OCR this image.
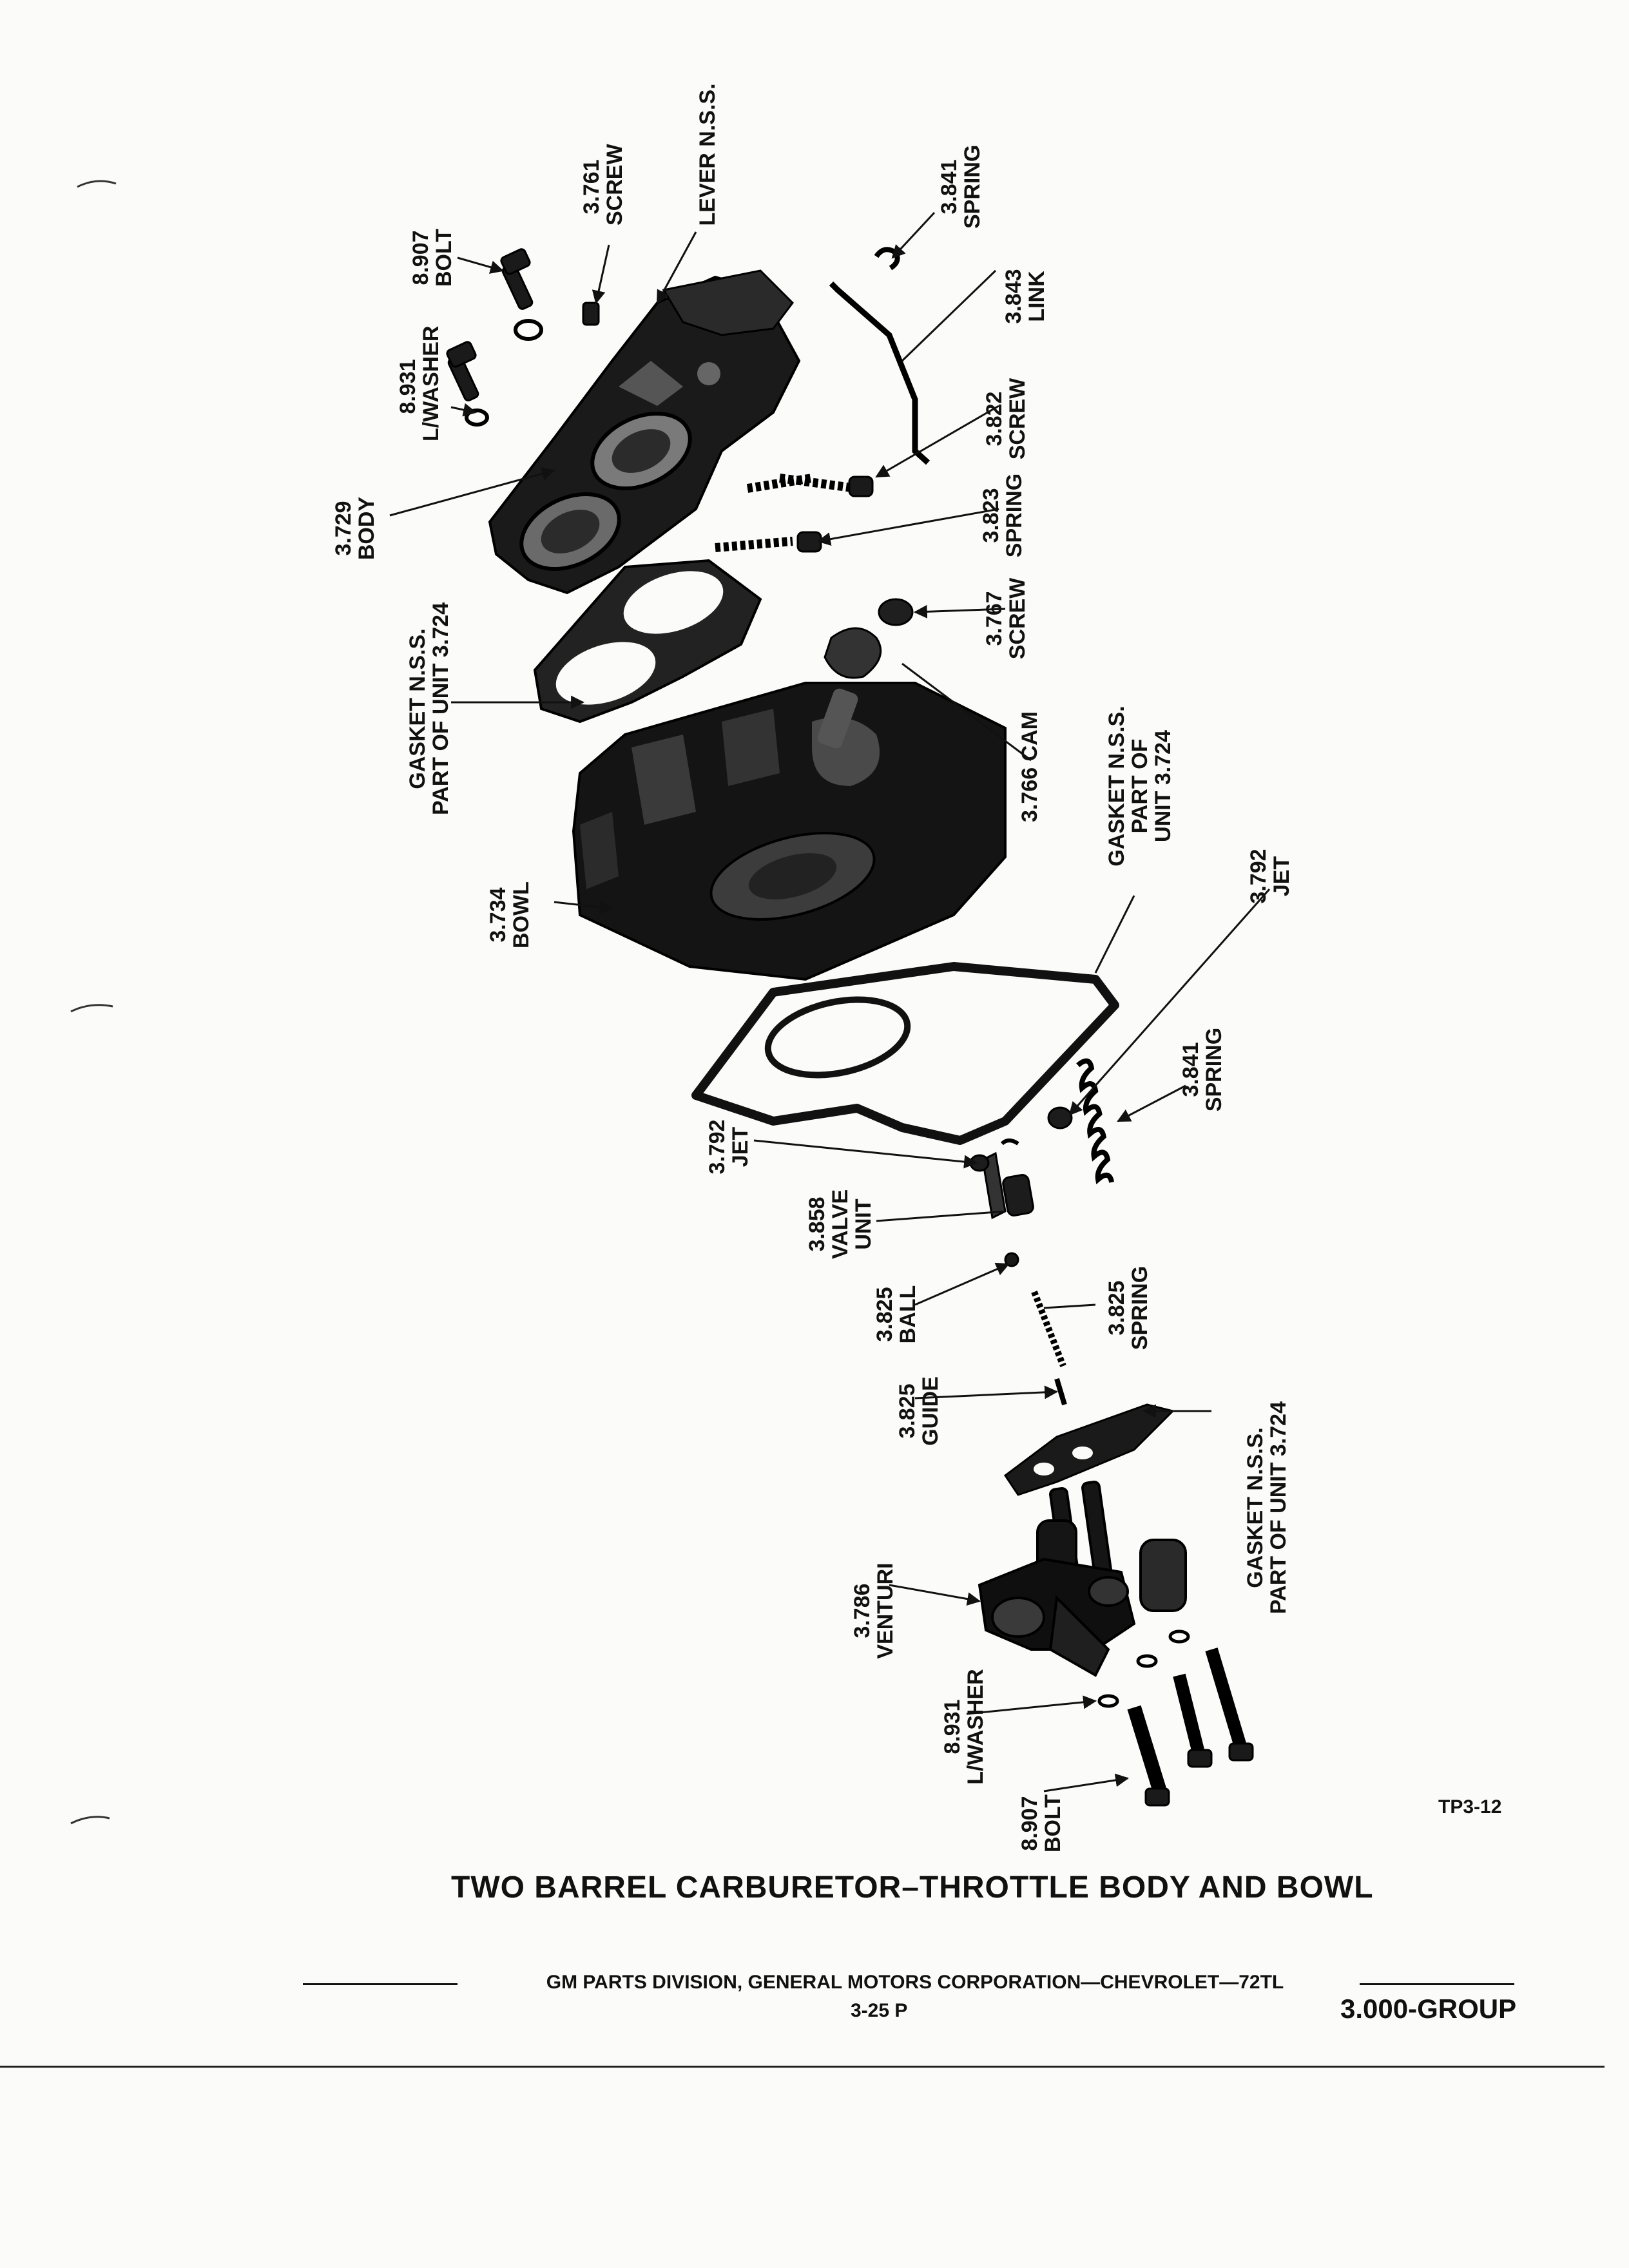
3.761
SCREW	LEVER N.S.S.	3.841
SPRING
8.907
BOLT
3.843
LINK
8.931
L/WASHER	3.822
SCREW
3.729
BODY	3.823
SPRING
3.767
SCREW
GASKET N.S.S.
PART OF UNIT 3.724	3.766 CAM	GASKET N.S.S.
PART OF
UNIT 3.724
3.734
BOWL
3.792
JET
3.841
SPRING
3.792
JET
3.858
VALVE
UNIT
3.825
BALL	3.825
SPRING
3.825
GUIDE
GASKET N.S.S.
PART OF UNIT 3.724
3.786
VENTURI
8.931
L/WASHER
8.907
BOLT	TP3-12
TWO BARREL CARBURETOR–THROTTLE BODY AND BOWL
GM PARTS DIVISION, GENERAL MOTORS CORPORATION—CHEVROLET—72TL
3-25 P	3.000-GROUP
